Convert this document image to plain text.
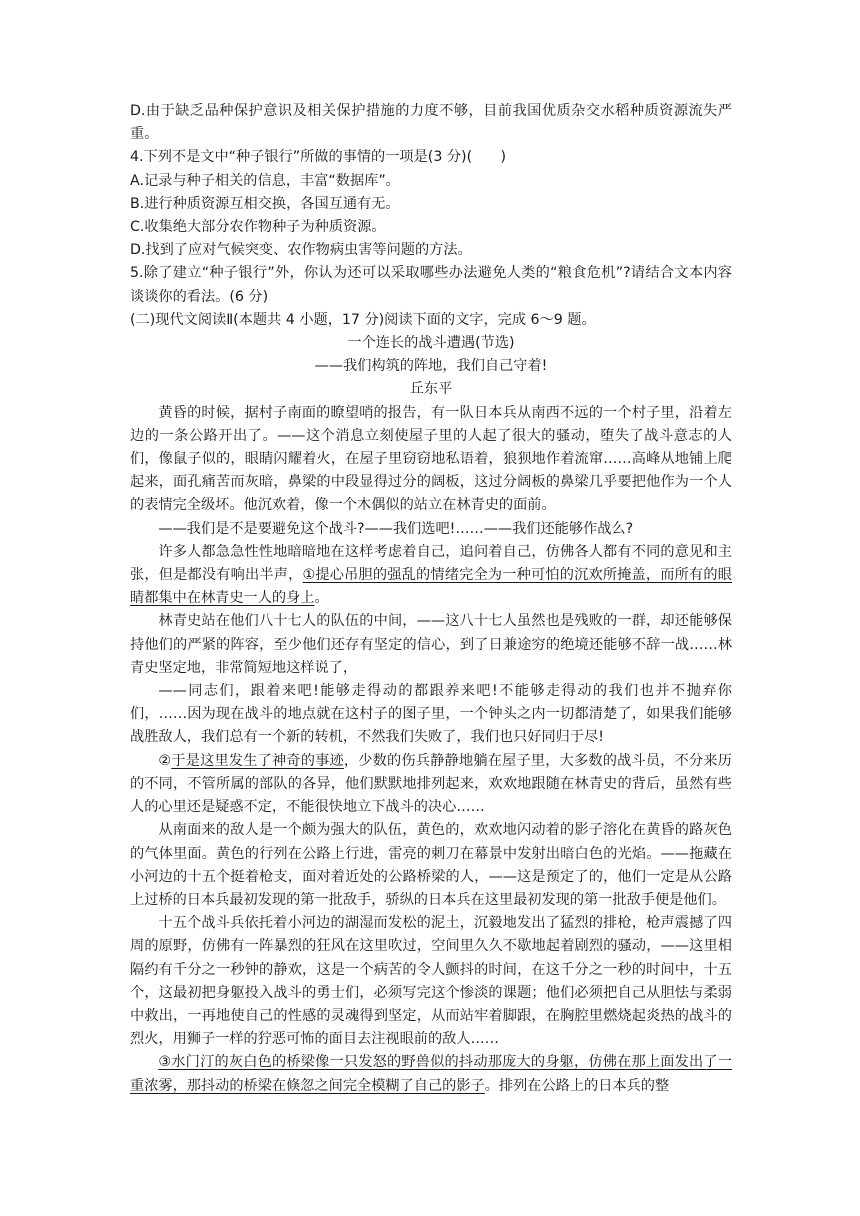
D.由于缺乏品种保护意识及相关保护措施的力度不够，目前我国优质杂交水稻种质资源流失严重。

4.下列不是文中“种子银行”所做的事情的一项是(3 分)(　　)

A.记录与种子相关的信息，丰富“数据库”。

B.进行种质资源互相交换，各国互通有无。

C.收集绝大部分农作物种子为种质资源。

D.找到了应对气候突变、农作物病虫害等问题的方法。

5.除了建立“种子银行”外，你认为还可以采取哪些办法避免人类的“粮食危机”?请结合文本内容谈谈你的看法。(6 分)

(二)现代文阅读Ⅱ(本题共 4 小题，17 分)阅读下面的文字，完成 6～9 题。

一个连长的战斗遭遇(节选)

——我们构筑的阵地，我们自己守着!

丘东平

黄昏的时候，据村子南面的瞭望哨的报告，有一队日本兵从南西不远的一个村子里，沿着左边的一条公路开出了。——这个消息立刻使屋子里的人起了很大的骚动，堕失了战斗意志的人们，像鼠子似的，眼睛闪耀着火，在屋子里窃窃地私语着，狼狈地作着流窜……高峰从地铺上爬起来，面孔痛苦而灰暗，鼻梁的中段显得过分的阔板，这过分阔板的鼻梁几乎要把他作为一个人的表情完全级坏。他沉欢着，像一个木偶似的站立在林青史的面前。

——我们是不是要避免这个战斗?——我们选吧!……——我们还能够作战么?

许多人都急急性性地暗暗地在这样考虑着自己，追问着自己，仿佛各人都有不同的意见和主张，但是都没有响出半声，①提心吊胆的强乱的情绪完全为一种可怕的沉欢所掩盖，而所有的眼睛都集中在林青史一人的身上。

林青史站在他们八十七人的队伍的中间，——这八十七人虽然也是残败的一群，却还能够保持他们的严紧的阵容，至少他们还存有坚定的信心，到了日兼途穷的绝境还能够不辞一战……林青史坚定地，非常简短地这样说了，

——同志们，跟着来吧!能够走得动的都跟养来吧!不能够走得动的我们也并不抛弃你们，……因为现在战斗的地点就在这村子的图子里，一个钟头之内一切都清楚了，如果我们能够战胜敌人，我们总有一个新的转机，不然我们失败了，我们也只好同归于尽!

②于是这里发生了神奇的事迹，少数的伤兵静静地躺在屋子里，大多数的战斗员，不分来历的不同，不管所属的部队的各异，他们默默地排列起来，欢欢地跟随在林青史的背后，虽然有些人的心里还是疑惑不定，不能很快地立下战斗的决心……

从南面来的敌人是一个颇为强大的队伍，黄色的，欢欢地闪动着的影子溶化在黄昏的路灰色的气体里面。黄色的行列在公路上行进，雷亮的刺刀在幕景中发射出暗白色的光焰。——拖藏在小河边的十五个挺着枪支，面对着近处的公路桥梁的人，——这是预定了的，他们一定是从公路上过桥的日本兵最初发现的第一批敌手，骄纵的日本兵在这里最初发现的第一批敌手便是他们。

十五个战斗兵依托着小河边的湖湿而发松的泥土，沉毅地发出了猛烈的排枪，枪声震撼了四周的原野，仿佛有一阵暴烈的狂风在这里吹过，空间里久久不歇地起着剧烈的骚动，——这里相隔约有千分之一秒钟的静欢，这是一个病苦的令人颤抖的时间，在这千分之一秒的时间中，十五个，这最初把身躯投入战斗的勇士们，必须写完这个惨淡的课题；他们必须把自己从胆怯与柔弱中救出，一再地使自己的性感的灵魂得到坚定，从而站牢着脚跟，在胸腔里燃烧起炎热的战斗的烈火，用狮子一样的狞恶可怖的面目去注视眼前的敌人……

③水门汀的灰白色的桥梁像一只发怒的野兽似的抖动那庞大的身躯，仿佛在那上面发出了一重浓雾，那抖动的桥梁在倏忽之间完全模糊了自己的影子。排列在公路上的日本兵的整
